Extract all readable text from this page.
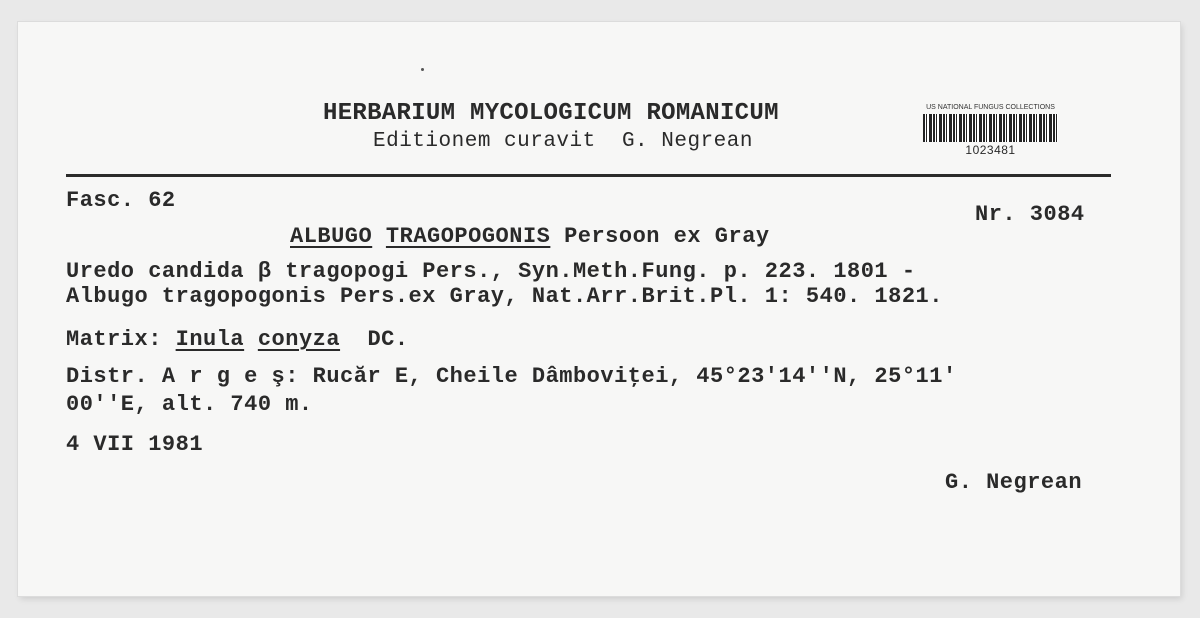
HERBARIUM MYCOLOGICUM ROMANICUM
Editionem curavit  G. Negrean
US NATIONAL FUNGUS COLLECTIONS
1023481
Fasc. 62
Nr. 3084
ALBUGO TRAGOPOGONIS Persoon ex Gray
Uredo candida β tragopogi Pers., Syn.Meth.Fung. p. 223. 1801 -
Albugo tragopogonis Pers.ex Gray, Nat.Arr.Brit.Pl. 1: 540. 1821.
Matrix: Inula conyza DC.
Distr. A r g e ş: Rucăr E, Cheile Dâmboviţei, 45°23'14''N, 25°11'
00''E, alt. 740 m.
4 VII 1981
G. Negrean
